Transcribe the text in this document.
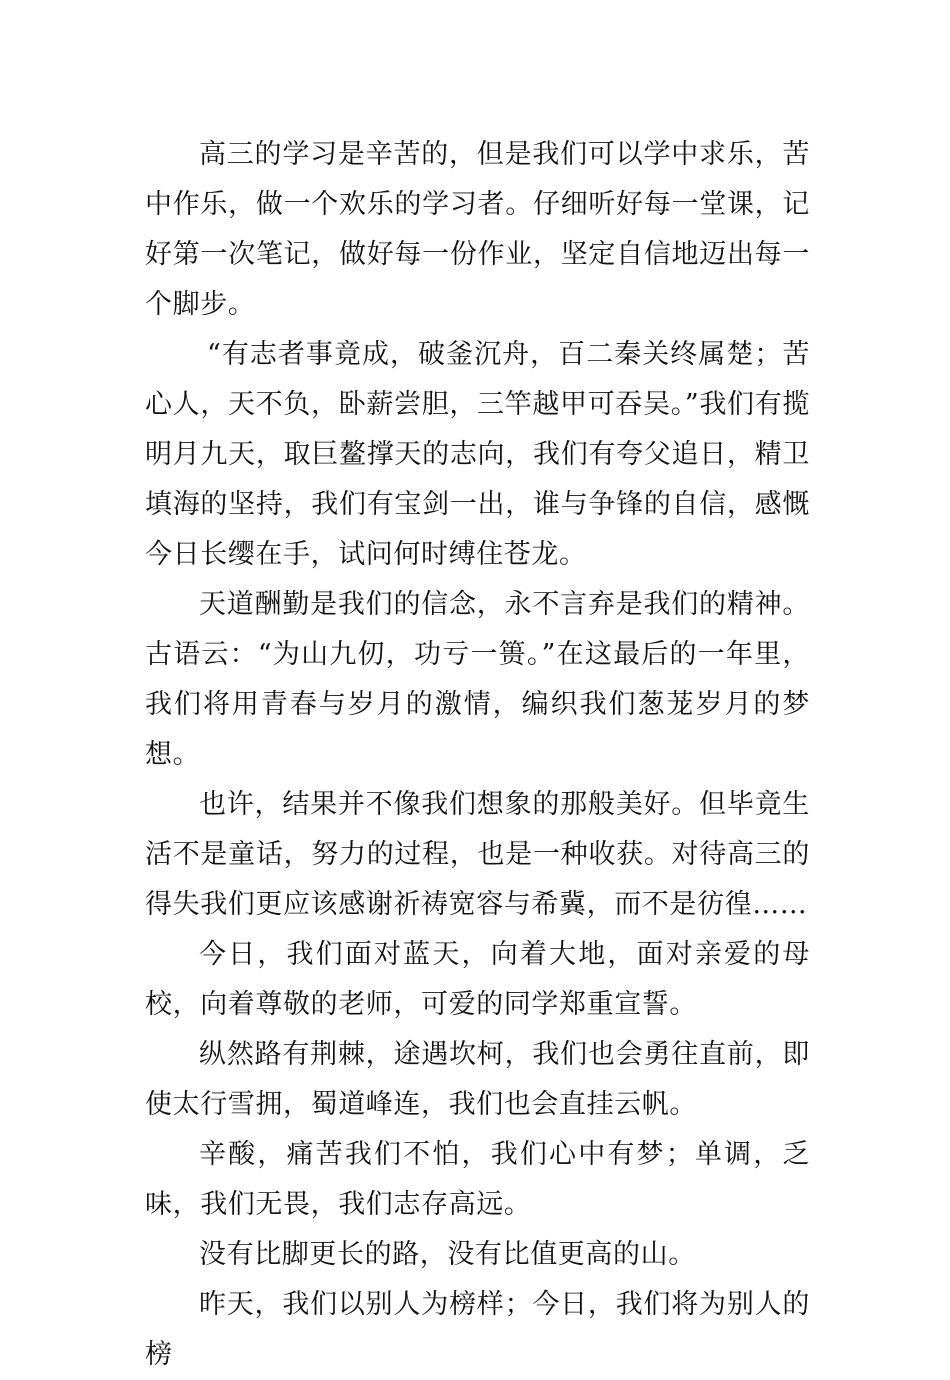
高三的学习是辛苦的，但是我们可以学中求乐，苦中作乐，做一个欢乐的学习者。仔细听好每一堂课，记好第一次笔记，做好每一份作业，坚定自信地迈出每一个脚步。

“有志者事竟成，破釜沉舟，百二秦关终属楚；苦心人，天不负，卧薪尝胆，三竿越甲可吞吴。”我们有揽明月九天，取巨鳌撑天的志向，我们有夸父追日，精卫填海的坚持，我们有宝剑一出，谁与争锋的自信，感慨今日长缨在手，试问何时缚住苍龙。

天道酬勤是我们的信念，永不言弃是我们的精神。古语云：“为山九仞，功亏一篑。”在这最后的一年里，我们将用青春与岁月的激情，编织我们葱茏岁月的梦想。

也许，结果并不像我们想象的那般美好。但毕竟生活不是童话，努力的过程，也是一种收获。对待高三的得失我们更应该感谢祈祷宽容与希冀，而不是彷徨……

今日，我们面对蓝天，向着大地，面对亲爱的母校，向着尊敬的老师，可爱的同学郑重宣誓。

纵然路有荆棘，途遇坎柯，我们也会勇往直前，即使太行雪拥，蜀道峰连，我们也会直挂云帆。

辛酸，痛苦我们不怕，我们心中有梦；单调，乏味，我们无畏，我们志存高远。

没有比脚更长的路，没有比值更高的山。

昨天，我们以别人为榜样；今日，我们将为别人的榜
